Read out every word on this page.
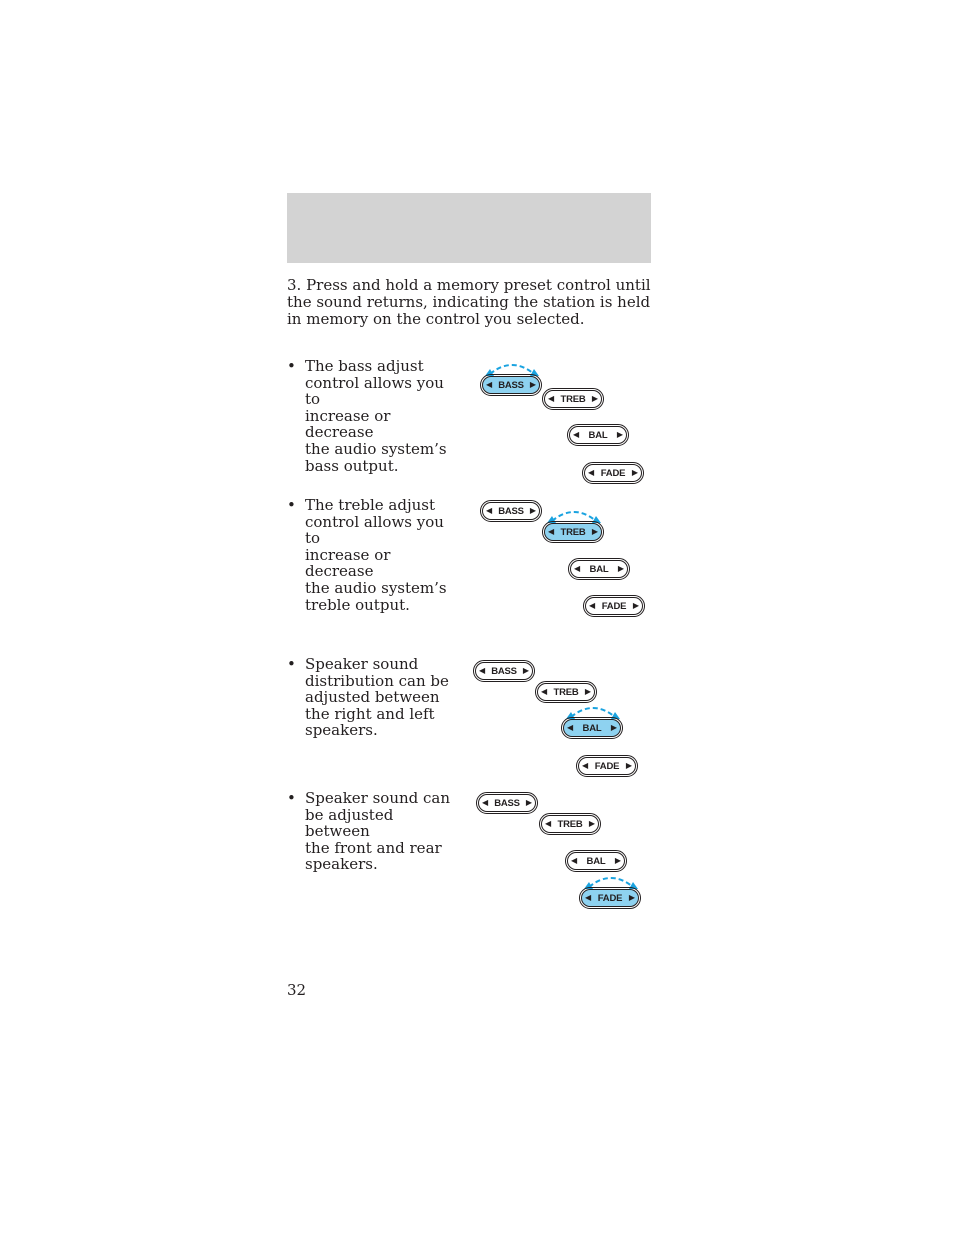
3. Press and hold a memory preset control until the sound returns, indicating the station is held in memory on the control you selected.

• The bass adjust
control allows you to
increase or decrease
the audio system’s
bass output.
• The treble adjust
control allows you to
increase or decrease
the audio system’s
treble output.
• Speaker sound
distribution can be
adjusted between
the right and left
speakers.
• Speaker sound can
be adjusted between
the front and rear
speakers.
◀ BASS ▶
◀ TREB ▶
◀ BAL ▶
◀ FADE ▶
◀ BASS ▶
◀ TREB ▶
◀ BAL ▶
◀ FADE ▶
◀ BASS ▶
◀ TREB ▶
◀ BAL ▶
◀ FADE ▶
◀ BASS ▶
◀ TREB ▶
◀ BAL ▶
◀ FADE ▶
32
